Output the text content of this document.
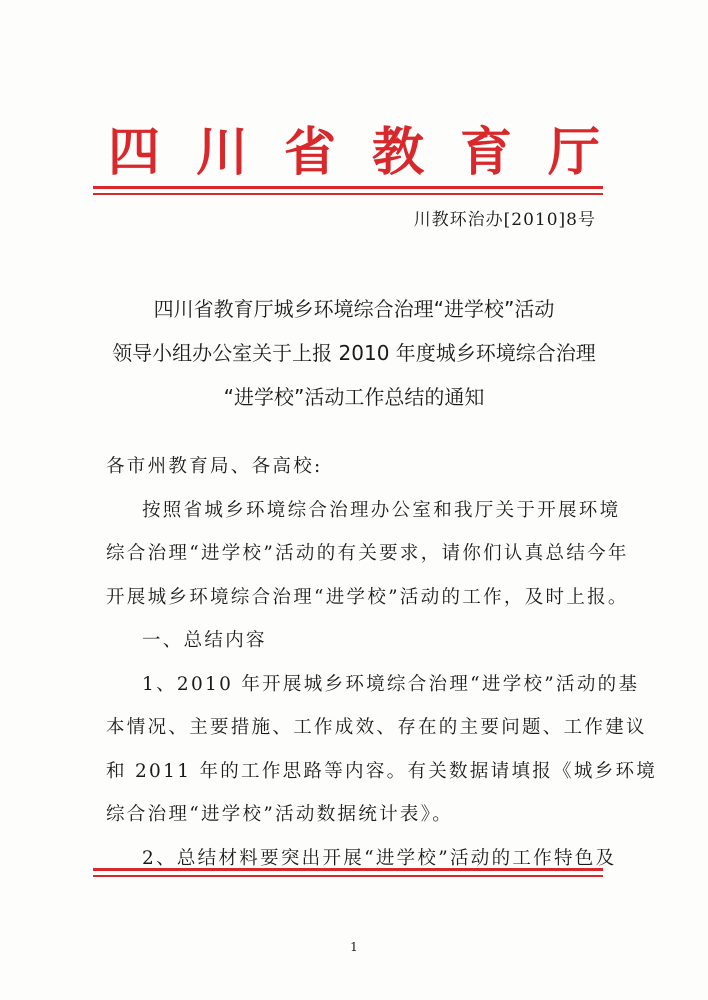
四川省教育厅
川教环治办[2010]8号
四川省教育厅城乡环境综合治理“进学校”活动
领导小组办公室关于上报 2010 年度城乡环境综合治理
“进学校”活动工作总结的通知
各市州教育局、各高校:
按照省城乡环境综合治理办公室和我厅关于开展环境
综合治理“进学校”活动的有关要求，请你们认真总结今年
开展城乡环境综合治理“进学校”活动的工作，及时上报。
一、总结内容
1、2010 年开展城乡环境综合治理“进学校”活动的基
本情况、主要措施、工作成效、存在的主要问题、工作建议
和 2011 年的工作思路等内容。有关数据请填报《城乡环境
综合治理“进学校”活动数据统计表》。
2、总结材料要突出开展“进学校”活动的工作特色及
1
